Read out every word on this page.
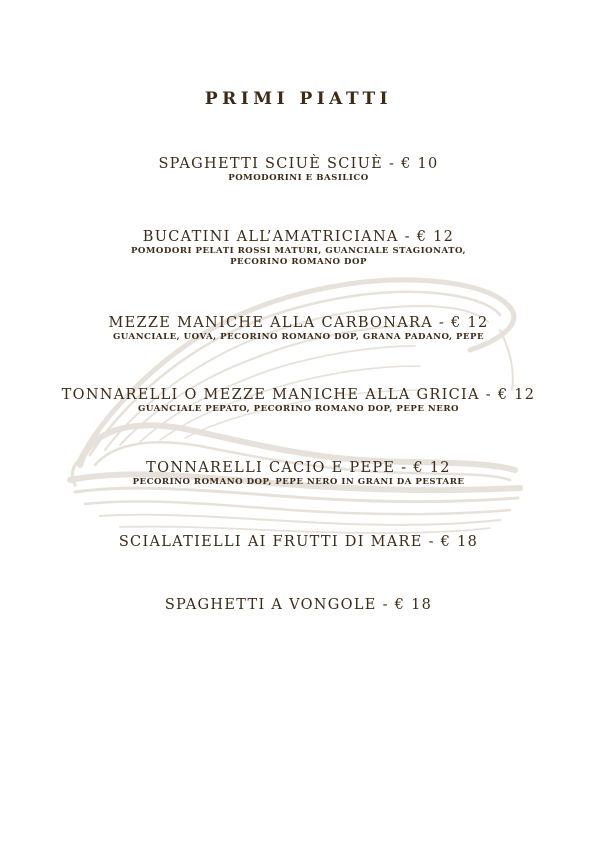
PRIMI PIATTI
SPAGHETTI SCIUÈ SCIUÈ - € 10
POMODORINI E BASILICO
BUCATINI ALL’AMATRICIANA - € 12
POMODORI PELATI ROSSI MATURI, GUANCIALE STAGIONATO,
PECORINO ROMANO DOP
MEZZE MANICHE ALLA CARBONARA - € 12
GUANCIALE, UOVA, PECORINO ROMANO DOP, GRANA PADANO, PEPE
TONNARELLI O MEZZE MANICHE ALLA GRICIA - € 12
GUANCIALE PEPATO, PECORINO ROMANO DOP, PEPE NERO
TONNARELLI CACIO E PEPE - € 12
PECORINO ROMANO DOP, PEPE NERO IN GRANI DA PESTARE
SCIALATIELLI AI FRUTTI DI MARE - € 18
SPAGHETTI A VONGOLE - € 18
